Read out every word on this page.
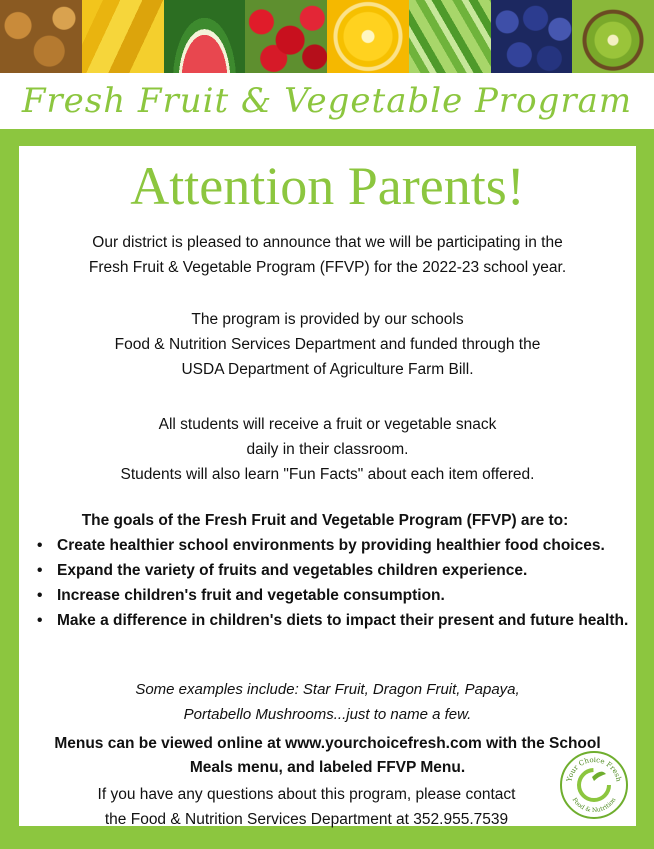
Fresh Fruit & Vegetable Program
Attention Parents!
Our district is pleased to announce that we will be participating in the
Fresh Fruit & Vegetable Program (FFVP) for the 2022-23 school year.
The program is provided by our schools
Food & Nutrition Services Department and funded through the
USDA Department of Agriculture Farm Bill.
All students will receive a fruit or vegetable snack
daily in their classroom.
Students will also learn "Fun Facts" about each item offered.
The goals of the Fresh Fruit and Vegetable Program (FFVP) are to:
• Create healthier school environments by providing healthier food choices.
• Expand the variety of fruits and vegetables children experience.
• Increase children's fruit and vegetable consumption.
• Make a difference in children's diets to impact their present and future health.
Some examples include: Star Fruit, Dragon Fruit, Papaya,
Portabello Mushrooms...just to name a few.
Menus can be viewed online at www.yourchoicefresh.com with the School
Meals menu, and labeled FFVP Menu.
If you have any questions about this program, please contact
the Food & Nutrition Services Department at 352.955.7539
Your Choice Fresh
Food & Nutrition
